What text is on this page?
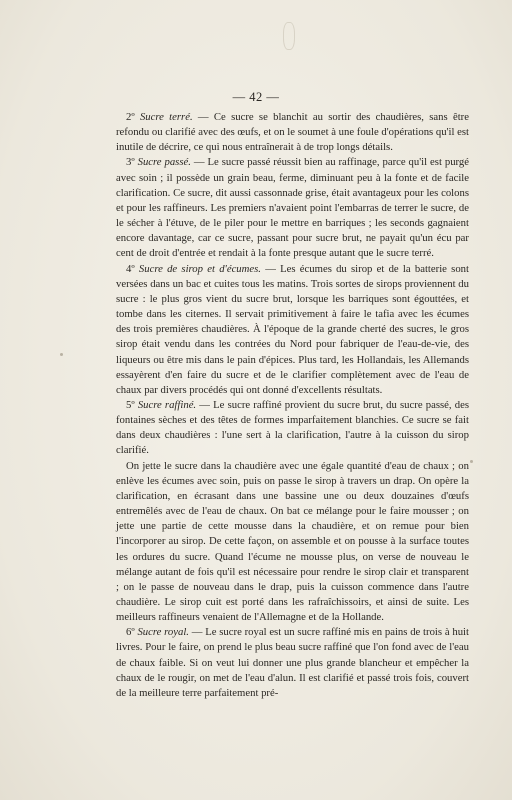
— 42 —

2º Sucre terré. — Ce sucre se blanchit au sortir des chaudières, sans être refondu ou clarifié avec des œufs, et on le soumet à une foule d'opérations qu'il est inutile de décrire, ce qui nous entraînerait à de trop longs détails.

3º Sucre passé. — Le sucre passé réussit bien au raffinage, parce qu'il est purgé avec soin ; il possède un grain beau, ferme, diminuant peu à la fonte et de facile clarification. Ce sucre, dit aussi cassonnade grise, était avantageux pour les colons et pour les raffineurs. Les premiers n'avaient point l'embarras de terrer le sucre, de le sécher à l'étuve, de le piler pour le mettre en barriques ; les seconds gagnaient encore davantage, car ce sucre, passant pour sucre brut, ne payait qu'un écu par cent de droit d'entrée et rendait à la fonte presque autant que le sucre terré.

4º Sucre de sirop et d'écumes. — Les écumes du sirop et de la batterie sont versées dans un bac et cuites tous les matins. Trois sortes de sirops proviennent du sucre : le plus gros vient du sucre brut, lorsque les barriques sont égouttées, et tombe dans les citernes. Il servait primitivement à faire le tafia avec les écumes des trois premières chaudières. À l'époque de la grande cherté des sucres, le gros sirop était vendu dans les contrées du Nord pour fabriquer de l'eau-de-vie, des liqueurs ou être mis dans le pain d'épices. Plus tard, les Hollandais, les Allemands essayèrent d'en faire du sucre et de le clarifier complètement avec de l'eau de chaux par divers procédés qui ont donné d'excellents résultats.

5º Sucre raffiné. — Le sucre raffiné provient du sucre brut, du sucre passé, des fontaines sèches et des têtes de formes imparfaitement blanchies. Ce sucre se fait dans deux chaudières : l'une sert à la clarification, l'autre à la cuisson du sirop clarifié.

On jette le sucre dans la chaudière avec une égale quantité d'eau de chaux ; on enlève les écumes avec soin, puis on passe le sirop à travers un drap. On opère la clarification, en écrasant dans une bassine une ou deux douzaines d'œufs entremêlés avec de l'eau de chaux. On bat ce mélange pour le faire mousser ; on jette une partie de cette mousse dans la chaudière, et on remue pour bien l'incorporer au sirop. De cette façon, on assemble et on pousse à la surface toutes les ordures du sucre. Quand l'écume ne mousse plus, on verse de nouveau le mélange autant de fois qu'il est nécessaire pour rendre le sirop clair et transparent ; on le passe de nouveau dans le drap, puis la cuisson commence dans l'autre chaudière. Le sirop cuit est porté dans les rafraîchissoirs, et ainsi de suite. Les meilleurs raffineurs venaient de l'Allemagne et de la Hollande.

6º Sucre royal. — Le sucre royal est un sucre raffiné mis en pains de trois à huit livres. Pour le faire, on prend le plus beau sucre raffiné que l'on fond avec de l'eau de chaux faible. Si on veut lui donner une plus grande blancheur et empêcher la chaux de le rougir, on met de l'eau d'alun. Il est clarifié et passé trois fois, couvert de la meilleure terre parfaitement pré-
